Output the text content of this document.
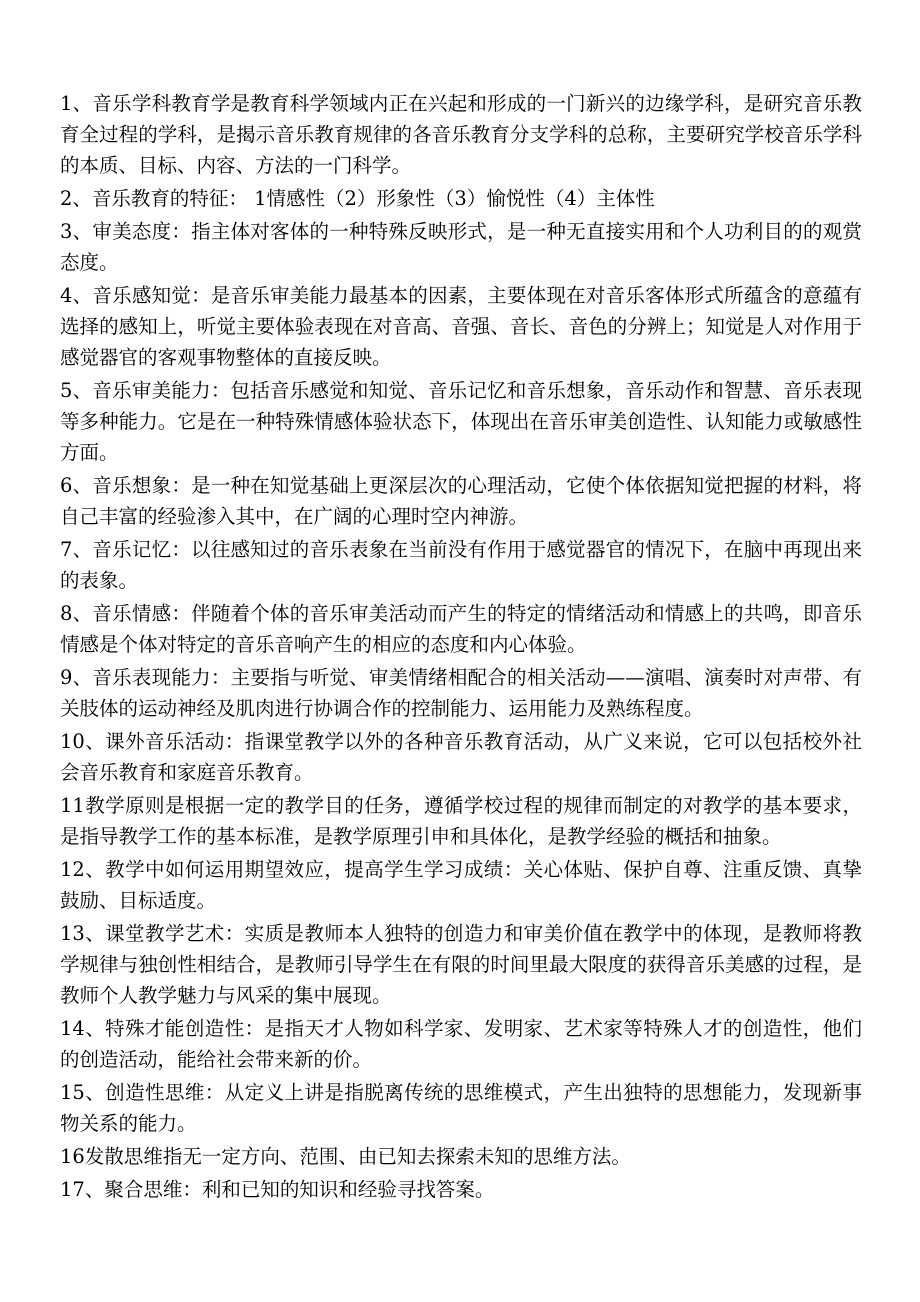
1、音乐学科教育学是教育科学领域内正在兴起和形成的一门新兴的边缘学科，是研究音乐教育全过程的学科，是揭示音乐教育规律的各音乐教育分支学科的总称，主要研究学校音乐学科的本质、目标、内容、方法的一门科学。

2、音乐教育的特征： 1情感性（2）形象性（3）愉悦性（4）主体性

3、审美态度：指主体对客体的一种特殊反映形式，是一种无直接实用和个人功利目的的观赏态度。

4、音乐感知觉：是音乐审美能力最基本的因素，主要体现在对音乐客体形式所蕴含的意蕴有选择的感知上，听觉主要体验表现在对音高、音强、音长、音色的分辨上；知觉是人对作用于感觉器官的客观事物整体的直接反映。

5、音乐审美能力：包括音乐感觉和知觉、音乐记忆和音乐想象，音乐动作和智慧、音乐表现等多种能力。它是在一种特殊情感体验状态下，体现出在音乐审美创造性、认知能力或敏感性方面。

6、音乐想象：是一种在知觉基础上更深层次的心理活动，它使个体依据知觉把握的材料，将自己丰富的经验渗入其中，在广阔的心理时空内神游。

7、音乐记忆：以往感知过的音乐表象在当前没有作用于感觉器官的情况下，在脑中再现出来的表象。

8、音乐情感：伴随着个体的音乐审美活动而产生的特定的情绪活动和情感上的共鸣，即音乐情感是个体对特定的音乐音响产生的相应的态度和内心体验。

9、音乐表现能力：主要指与听觉、审美情绪相配合的相关活动——演唱、演奏时对声带、有关肢体的运动神经及肌肉进行协调合作的控制能力、运用能力及熟练程度。

10、课外音乐活动：指课堂教学以外的各种音乐教育活动，从广义来说，它可以包括校外社会音乐教育和家庭音乐教育。

11教学原则是根据一定的教学目的任务，遵循学校过程的规律而制定的对教学的基本要求，是指导教学工作的基本标准，是教学原理引申和具体化，是教学经验的概括和抽象。

12、教学中如何运用期望效应，提高学生学习成绩：关心体贴、保护自尊、注重反馈、真挚鼓励、目标适度。

13、课堂教学艺术：实质是教师本人独特的创造力和审美价值在教学中的体现，是教师将教学规律与独创性相结合，是教师引导学生在有限的时间里最大限度的获得音乐美感的过程，是教师个人教学魅力与风采的集中展现。

14、特殊才能创造性：是指天才人物如科学家、发明家、艺术家等特殊人才的创造性，他们的创造活动，能给社会带来新的价。

15、创造性思维：从定义上讲是指脱离传统的思维模式，产生出独特的思想能力，发现新事物关系的能力。

16发散思维指无一定方向、范围、由已知去探索未知的思维方法。

17、聚合思维：利和已知的知识和经验寻找答案。
